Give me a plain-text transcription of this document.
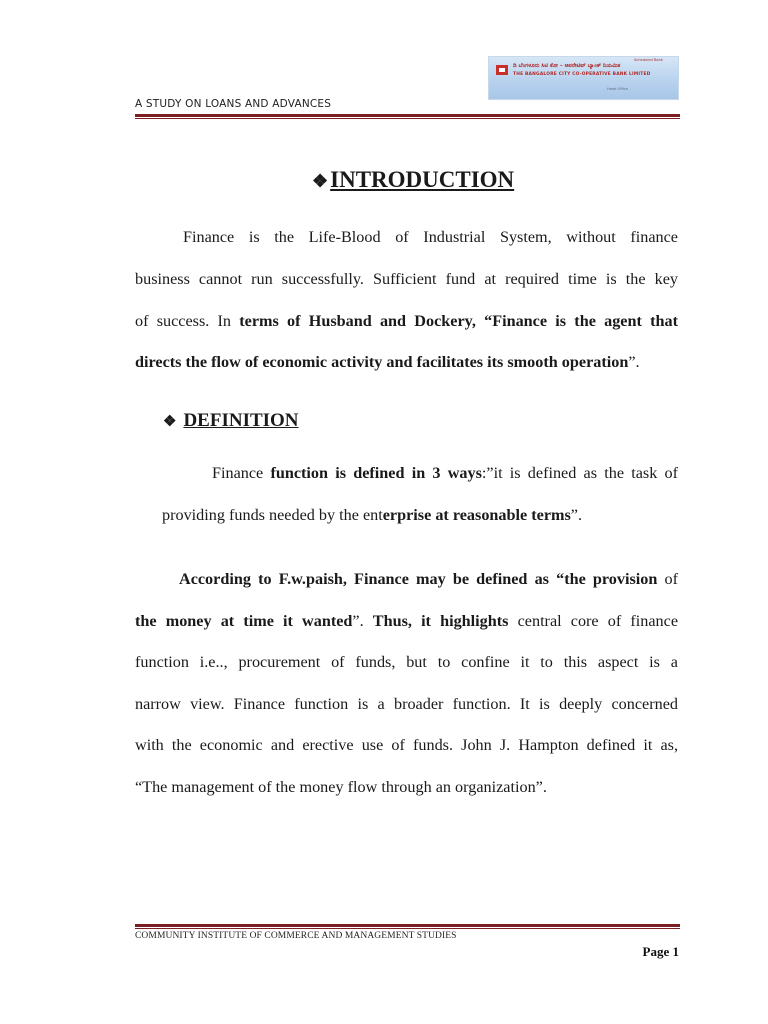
Scheduled Bank
ದಿ ಬೆಂಗಳೂರು ಸಿಟಿ ಕೋ – ಆಪರೇಟಿವ್ ಬ್ಯಾಂಕ್ ನಿಯಮಿತ
THE BANGALORE CITY CO-OPERATIVE BANK LIMITED
Head Office
A STUDY ON LOANS AND ADVANCES
❖INTRODUCTION
Finance is the Life-Blood of Industrial System, without finance
business cannot run successfully. Sufficient fund at required time is the key
of success. In terms of Husband and Dockery, “Finance is the agent that
directs the flow of economic activity and facilitates its smooth operation”.
❖ DEFINITION
Finance function is defined in 3 ways:”it is defined as the task of
providing funds needed by the enterprise at reasonable terms”.
According to F.w.paish, Finance may be defined as “the provision of
the money at time it wanted”. Thus, it highlights central core of finance
function i.e.., procurement of funds, but to confine it to this aspect is a
narrow view. Finance function is a broader function. It is deeply concerned
with the economic and erective use of funds. John J. Hampton defined it as,
“The management of the money flow through an organization”.
COMMUNITY INSTITUTE OF COMMERCE AND MANAGEMENT STUDIES
Page 1
